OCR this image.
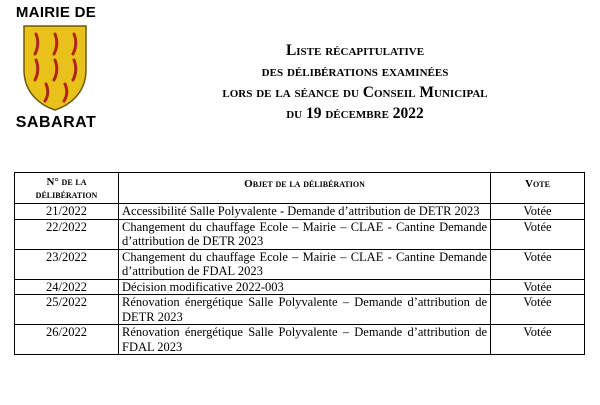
MAIRIE DE
SABARAT
Liste récapitulative
des délibérations examinées
lors de la séance du Conseil Municipal
du 19 décembre 2022
N° de la
délibération	Objet de la délibération	Vote
21/2022	Accessibilité Salle Polyvalente - Demande d’attribution de DETR 2023	Votée
22/2022	Changement du chauffage Ecole – Mairie – CLAE - Cantine Demande d’attribution de DETR 2023	Votée
23/2022	Changement du chauffage Ecole – Mairie – CLAE - Cantine Demande d’attribution de FDAL 2023	Votée
24/2022	Décision modificative 2022-003	Votée
25/2022	Rénovation énergétique Salle Polyvalente – Demande d’attribution de DETR 2023	Votée
26/2022	Rénovation énergétique Salle Polyvalente – Demande d’attribution de FDAL 2023	Votée
